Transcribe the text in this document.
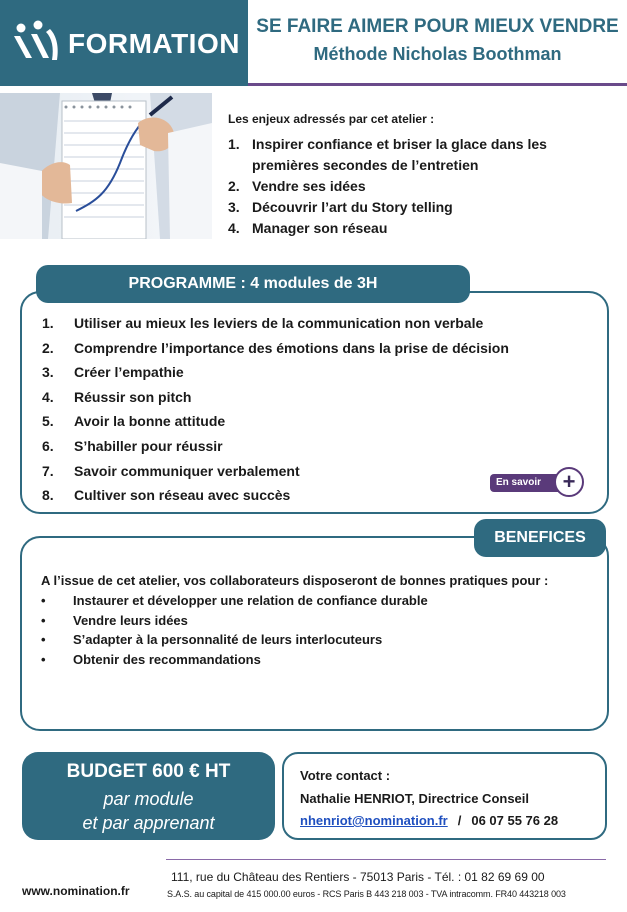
FORMATION
SE FAIRE AIMER POUR MIEUX VENDRE
Méthode Nicholas Boothman
Les enjeux adressés par cet atelier :
1. Inspirer confiance et briser la glace dans les premières secondes de l’entretien
2. Vendre ses idées
3. Découvrir l’art du Story telling
4. Manager son réseau
PROGRAMME : 4 modules de 3H
1. Utiliser au mieux les leviers de la communication non verbale
2. Comprendre l’importance des émotions dans la prise de décision
3. Créer l’empathie
4. Réussir son pitch
5. Avoir la bonne attitude
6. S’habiller pour réussir
7. Savoir communiquer verbalement
8. Cultiver son réseau avec succès
En savoir +
BENEFICES
A l’issue de cet atelier, vos collaborateurs disposeront de bonnes pratiques pour :
• Instaurer et développer une relation de confiance durable
• Vendre leurs idées
• S’adapter à la personnalité de leurs interlocuteurs
• Obtenir des recommandations
BUDGET 600 € HT
par module
et par apprenant
Votre contact :
Nathalie HENRIOT, Directrice Conseil
nhenriot@nomination.fr / 06 07 55 76 28
www.nomination.fr
111, rue du Château des Rentiers - 75013 Paris - Tél. : 01 82 69 69 00
S.A.S. au capital de 415 000.00 euros - RCS Paris B 443 218 003 - TVA intracomm. FR40 443218 003
